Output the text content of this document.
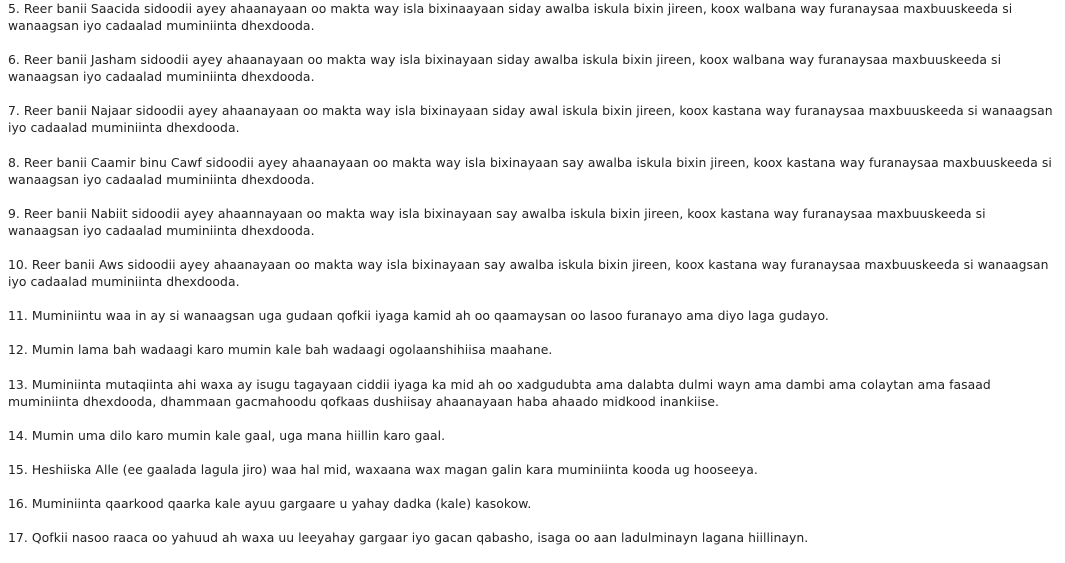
5. Reer banii Saacida sidoodii ayey ahaanayaan oo makta way isla bixinaayaan siday awalba iskula bixin jireen, koox walbana way furanaysaa maxbuuskeeda si wanaagsan iyo cadaalad muminiinta dhexdooda.

6. Reer banii Jasham sidoodii ayey ahaanayaan oo makta way isla bixinayaan siday awalba iskula bixin jireen, koox walbana way furanaysaa maxbuuskeeda si wanaagsan iyo cadaalad muminiinta dhexdooda.

7. Reer banii Najaar sidoodii ayey ahaanayaan oo makta way isla bixinayaan siday awal iskula bixin jireen, koox kastana way furanaysaa maxbuuskeeda si wanaagsan iyo cadaalad muminiinta dhexdooda.

8. Reer banii Caamir binu Cawf sidoodii ayey ahaanayaan oo makta way isla bixinayaan say awalba iskula bixin jireen, koox kastana way furanaysaa maxbuuskeeda si wanaagsan iyo cadaalad muminiinta dhexdooda.

9. Reer banii Nabiit sidoodii ayey ahaannayaan oo makta way isla bixinayaan say awalba iskula bixin jireen, koox kastana way furanaysaa maxbuuskeeda si wanaagsan iyo cadaalad muminiinta dhexdooda.

10. Reer banii Aws sidoodii ayey ahaanayaan oo makta way isla bixinayaan say awalba iskula bixin jireen, koox kastana way furanaysaa maxbuuskeeda si wanaagsan iyo cadaalad muminiinta dhexdooda.

11. Muminiintu waa in ay si wanaagsan uga gudaan qofkii iyaga kamid ah oo qaamaysan oo lasoo furanayo ama diyo laga gudayo.

12. Mumin lama bah wadaagi karo mumin kale bah wadaagi ogolaanshihiisa maahane.

13. Muminiinta mutaqiinta ahi waxa ay isugu tagayaan ciddii iyaga ka mid ah oo xadgudubta ama dalabta dulmi wayn ama dambi ama colaytan ama fasaad muminiinta dhexdooda, dhammaan gacmahoodu qofkaas dushiisay ahaanayaan haba ahaado midkood inankiise.

14. Mumin uma dilo karo mumin kale gaal, uga mana hiillin karo gaal.

15. Heshiiska Alle (ee gaalada lagula jiro) waa hal mid, waxaana wax magan galin kara muminiinta kooda ug hooseeya.

16. Muminiinta qaarkood qaarka kale ayuu gargaare u yahay dadka (kale) kasokow.

17. Qofkii nasoo raaca oo yahuud ah waxa uu leeyahay gargaar iyo gacan qabasho, isaga oo aan ladulminayn lagana hiillinayn.
